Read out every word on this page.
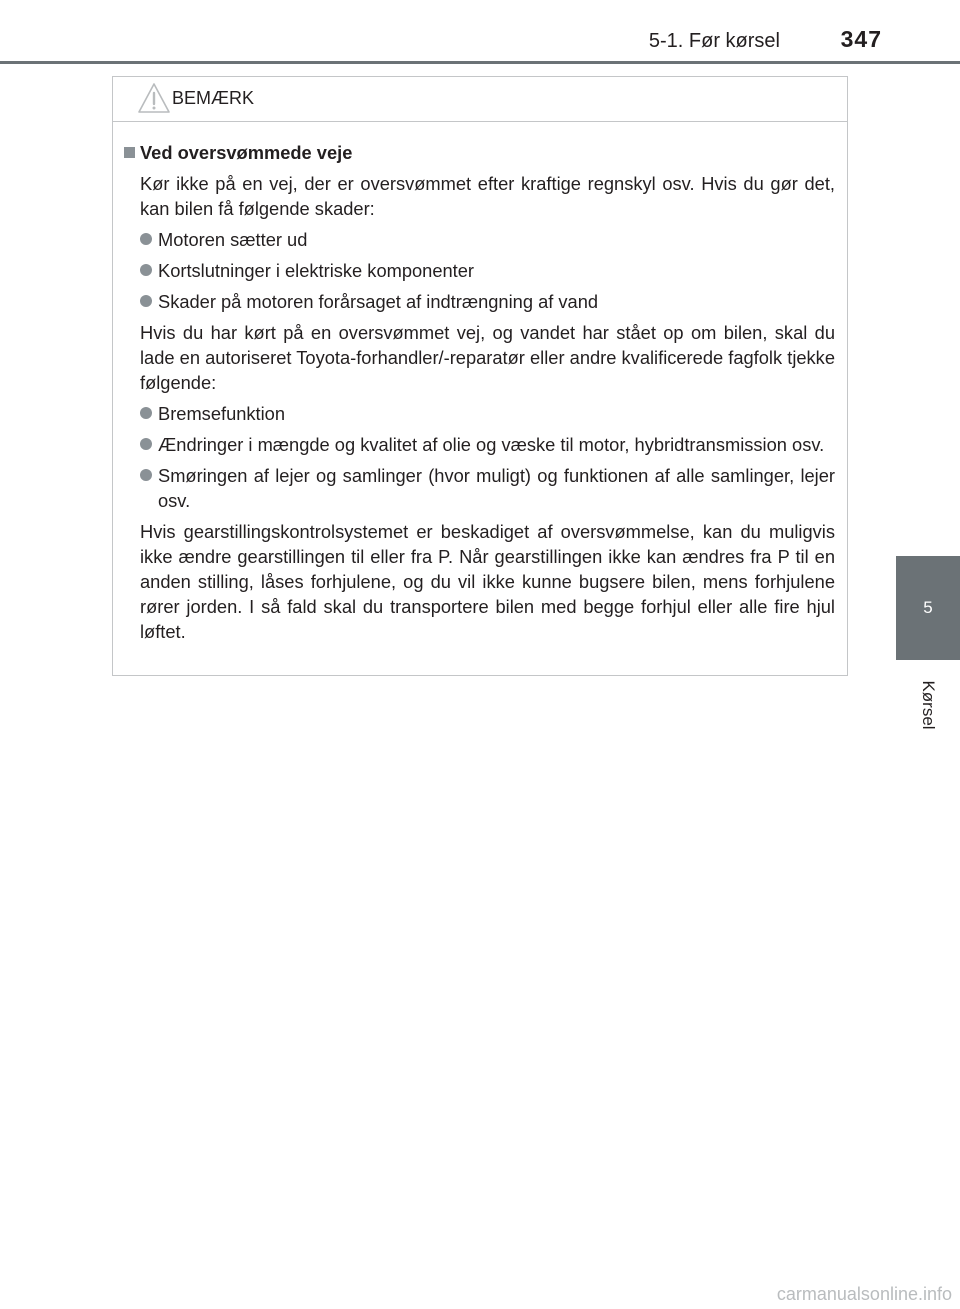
5-1. Før kørsel	347
5
Kørsel
BEMÆRK
Ved oversvømmede veje
Kør ikke på en vej, der er oversvømmet efter kraftige regnskyl osv. Hvis du gør det, kan bilen få følgende skader:
Motoren sætter ud
Kortslutninger i elektriske komponenter
Skader på motoren forårsaget af indtrængning af vand
Hvis du har kørt på en oversvømmet vej, og vandet har stået op om bilen, skal du lade en autoriseret Toyota-forhandler/-reparatør eller andre kvalificerede fagfolk tjekke følgende:
Bremsefunktion
Ændringer i mængde og kvalitet af olie og væske til motor, hybridtransmission osv.
Smøringen af lejer og samlinger (hvor muligt) og funktionen af alle samlinger, lejer osv.
Hvis gearstillingskontrolsystemet er beskadiget af oversvømmelse, kan du muligvis ikke ændre gearstillingen til eller fra P. Når gearstillingen ikke kan ændres fra P til en anden stilling, låses forhjulene, og du vil ikke kunne bugsere bilen, mens forhjulene rører jorden. I så fald skal du transportere bilen med begge forhjul eller alle fire hjul løftet.
carmanualsonline.info
